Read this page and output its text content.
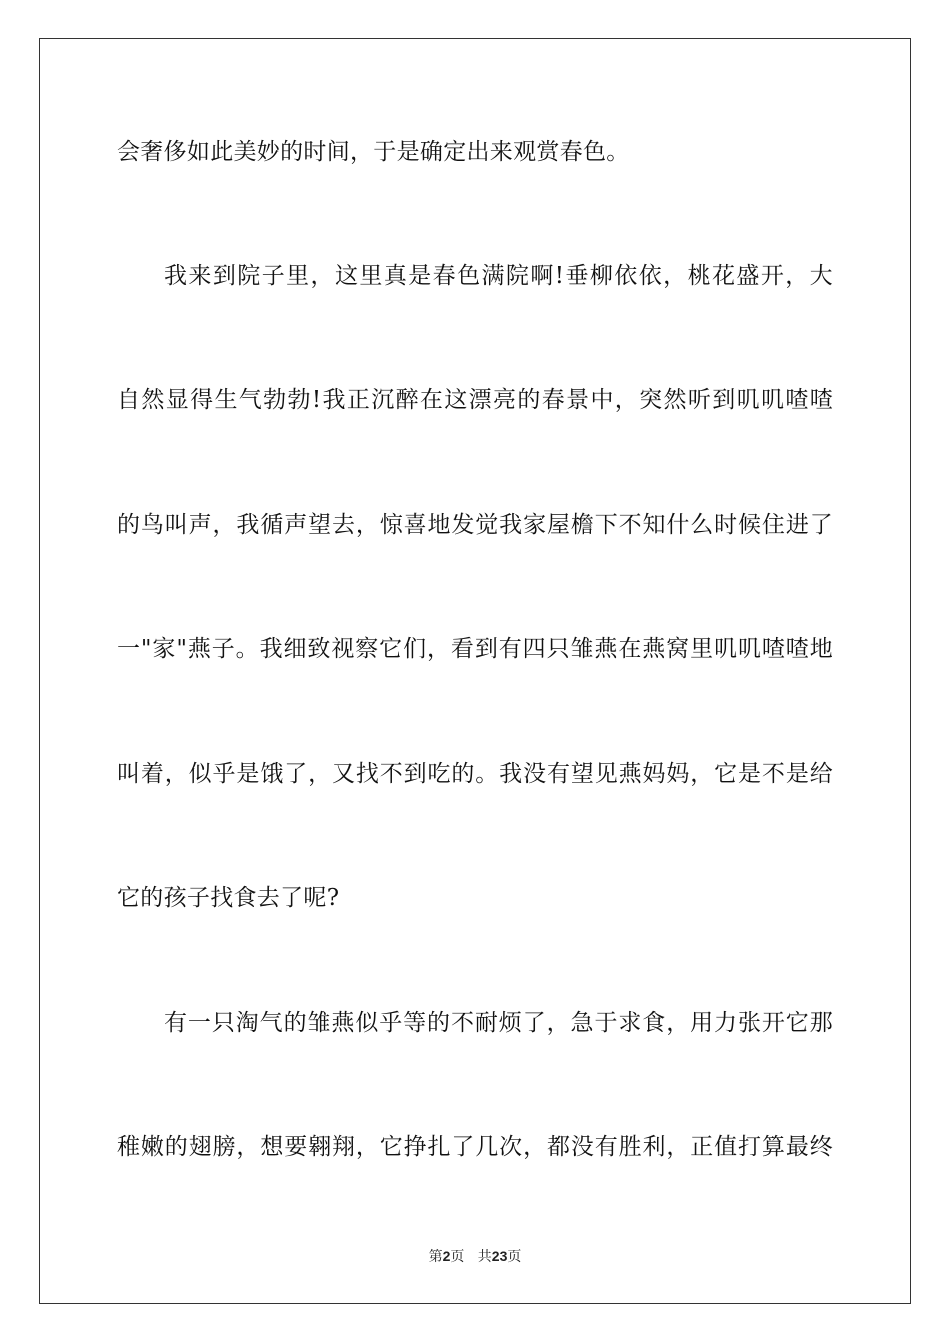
会奢侈如此美妙的时间，于是确定出来观赏春色。
我来到院子里，这里真是春色满院啊!垂柳依依，桃花盛开，大
自然显得生气勃勃!我正沉醉在这漂亮的春景中，突然听到叽叽喳喳
的鸟叫声，我循声望去，惊喜地发觉我家屋檐下不知什么时候住进了
一"家"燕子。我细致视察它们，看到有四只雏燕在燕窝里叽叽喳喳地
叫着，似乎是饿了，又找不到吃的。我没有望见燕妈妈，它是不是给
它的孩子找食去了呢?
有一只淘气的雏燕似乎等的不耐烦了，急于求食，用力张开它那
稚嫩的翅膀，想要翱翔，它挣扎了几次，都没有胜利，正值打算最终
第2页 共23页
